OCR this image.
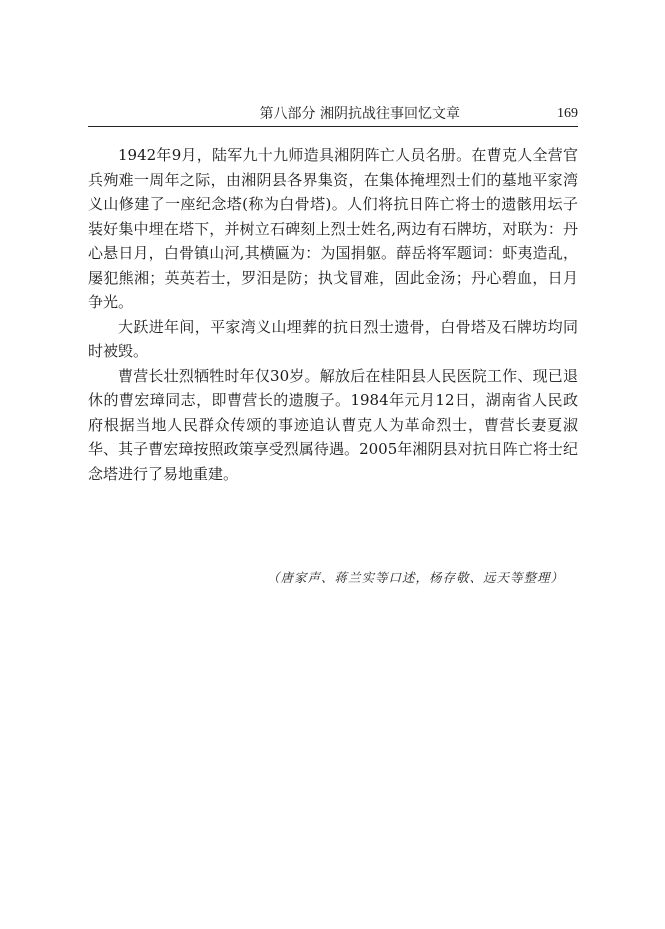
第八部分 湘阴抗战往事回忆文章	169

1942年9月，陆军九十九师造具湘阴阵亡人员名册。在曹克人全营官兵殉难一周年之际，由湘阴县各界集资，在集体掩埋烈士们的墓地平家湾义山修建了一座纪念塔(称为白骨塔)。人们将抗日阵亡将士的遗骸用坛子装好集中埋在塔下，并树立石碑刻上烈士姓名,两边有石牌坊，对联为：丹心悬日月，白骨镇山河,其横匾为：为国捐躯。薛岳将军题词：虾夷造乱，屡犯熊湘；英英若士，罗汨是防；执戈冒难，固此金汤；丹心碧血，日月争光。

大跃进年间，平家湾义山埋葬的抗日烈士遗骨，白骨塔及石牌坊均同时被毁。

曹营长壮烈牺牲时年仅30岁。解放后在桂阳县人民医院工作、现已退休的曹宏璋同志，即曹营长的遗腹子。1984年元月12日，湖南省人民政府根据当地人民群众传颂的事迹追认曹克人为革命烈士，曹营长妻夏淑华、其子曹宏璋按照政策享受烈属待遇。2005年湘阴县对抗日阵亡将士纪念塔进行了易地重建。

（唐家声、蒋兰实等口述，杨存敬、远天等整理）
